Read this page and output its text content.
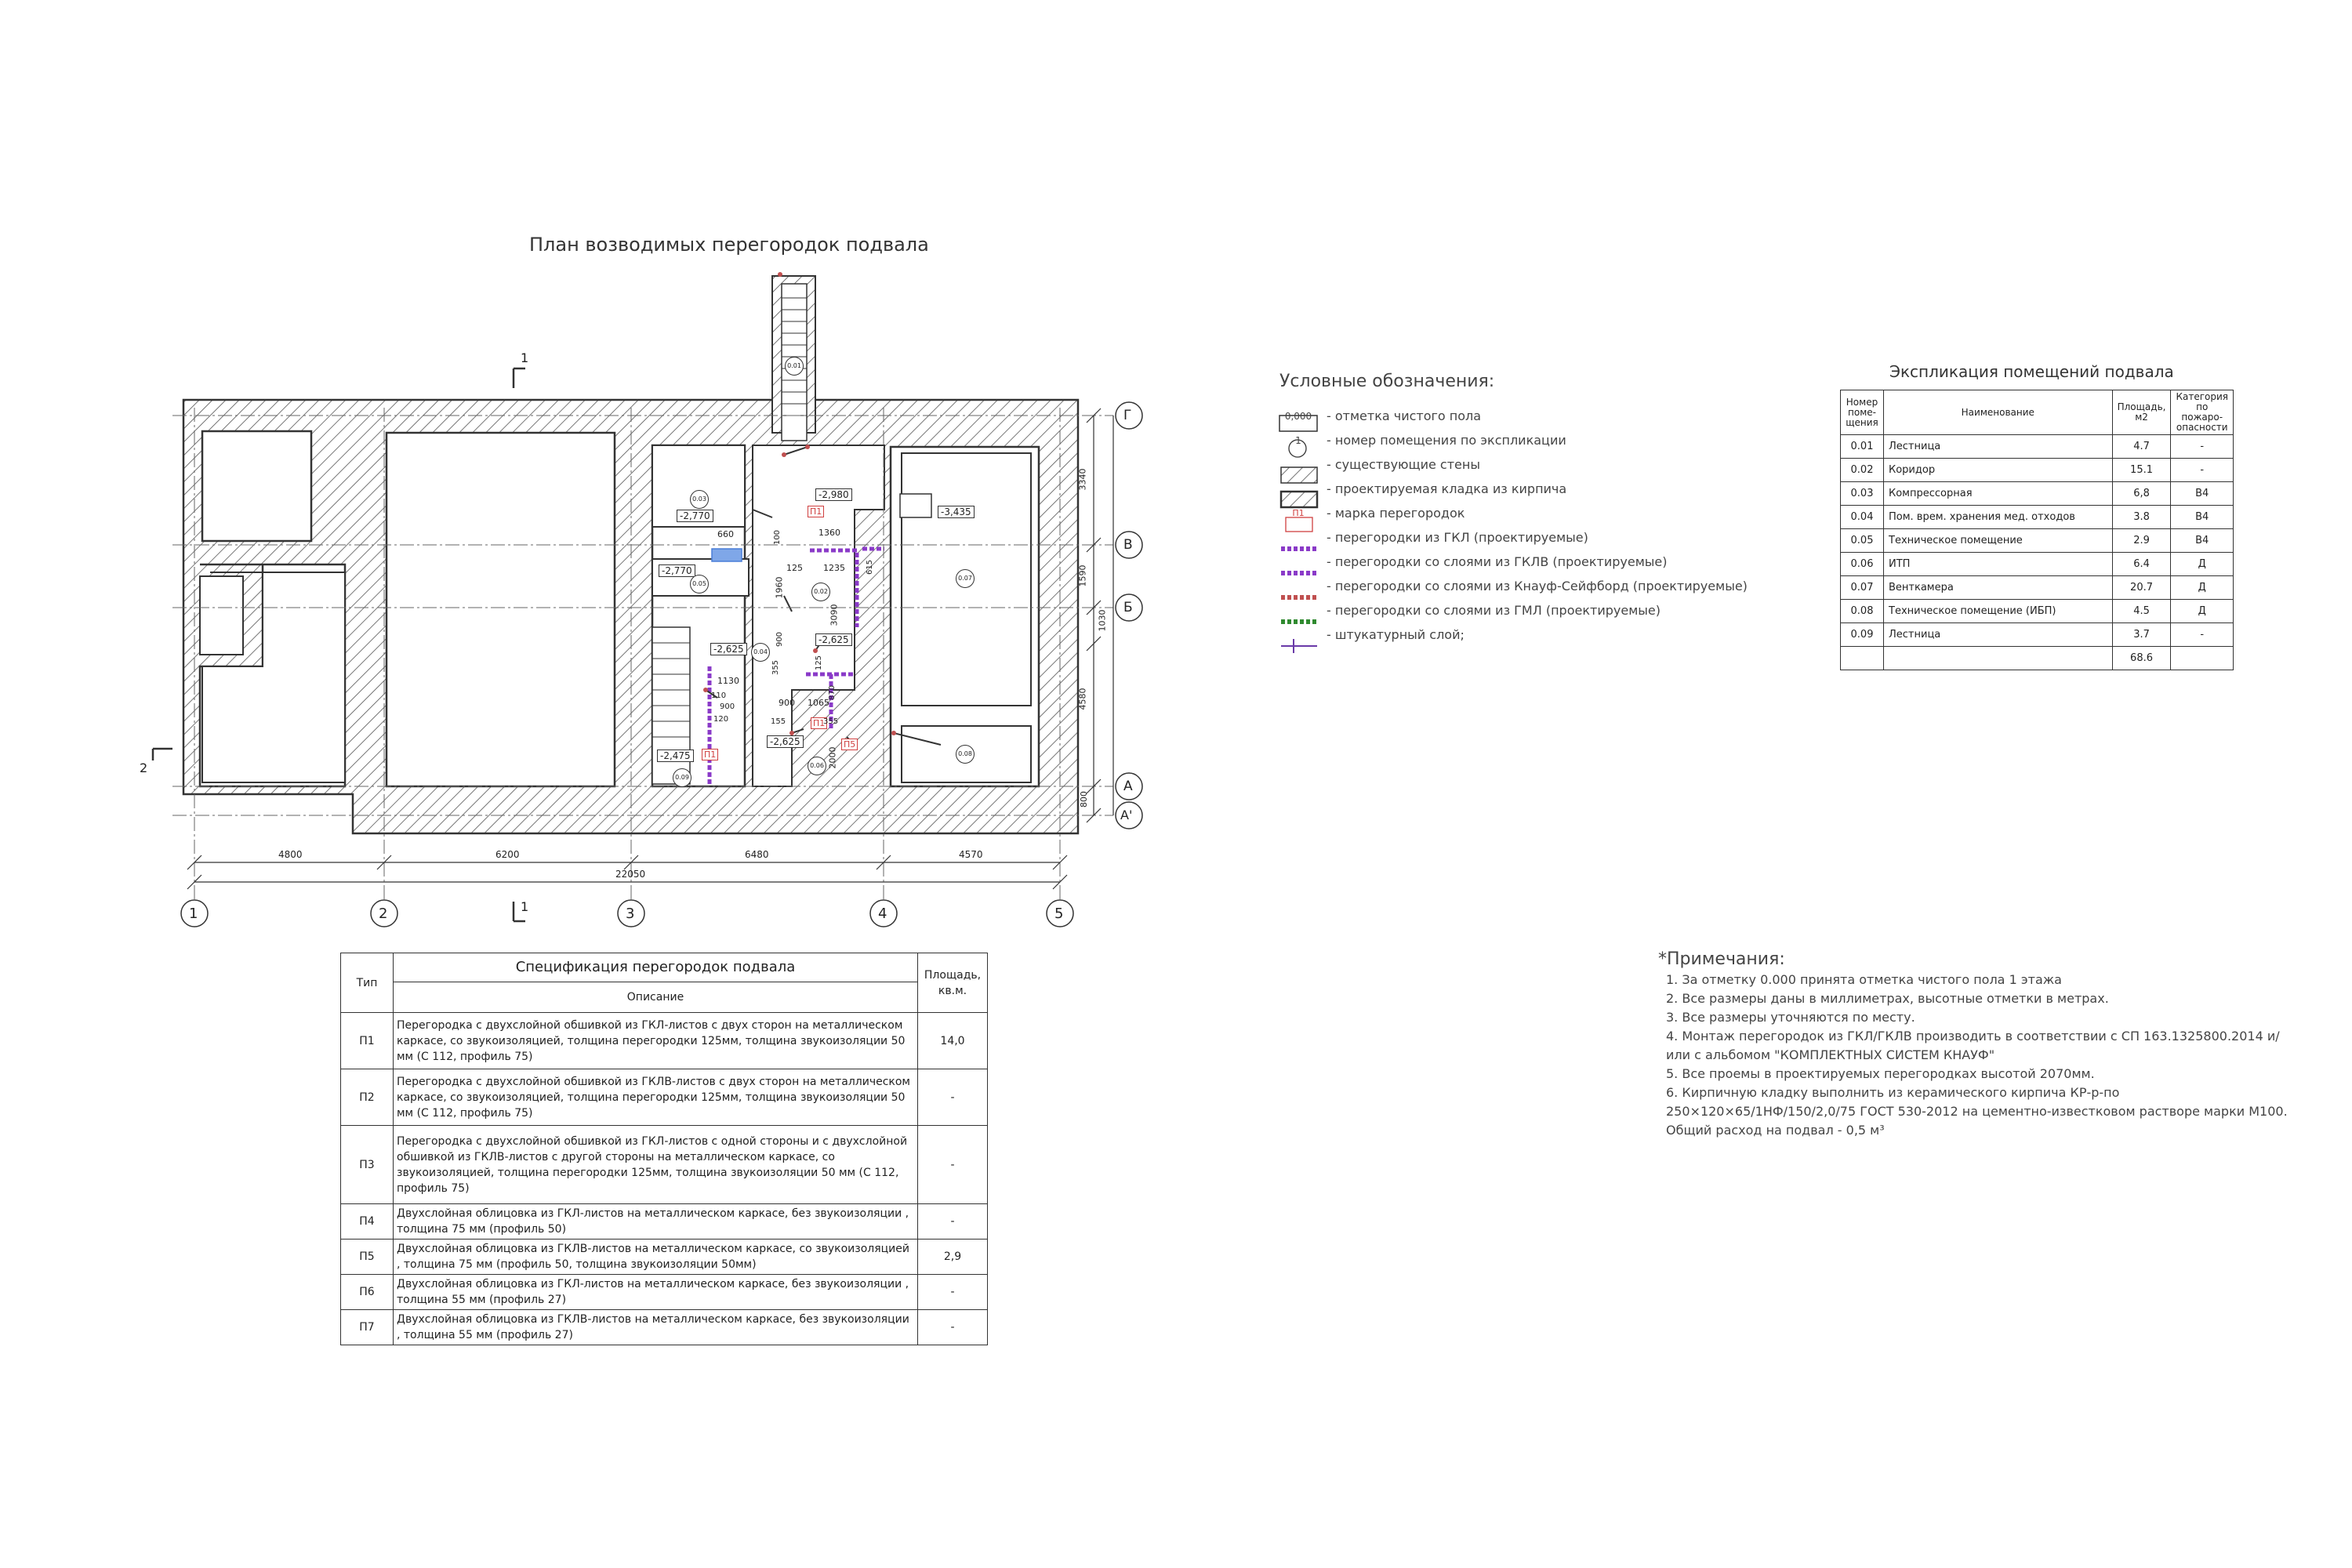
План возводимых перегородок подвала
1	2	3	4	5
Г
В
Б
А
А'
4800	6200	6480	4570
22050
3340
1590
1030
4580
800
1
1
2
-2,770
-2,770
-2,980
-3,435
-2,625
-2,625
-2,625
-2,475
0.01
0.02
0.03
0.04
0.05
0.06
0.07
0.08
0.09
П1
П1
П1
П5
660	100	1360
125 1235
1960
900
3090
355	125
1130
110
900
120	155
900 1065
355
870
2000
615
Условные обозначения:
0,000	- отметка чистого пола
1	- номер помещения по экспликации
- существующие стены
- проектируемая кладка из кирпича
П1	- марка перегородок
- перегородки из ГКЛ (проектируемые)
- перегородки со слоями из ГКЛВ (проектируемые)
- перегородки со слоями из Кнауф-Сейфборд (проектируемые)
- перегородки со слоями из ГМЛ (проектируемые)
- штукатурный слой;
Экспликация помещений подвала
Номер поме-щения	Наименование	Площадь, м2	Категория по пожаро-опасности
0.01	Лестница	4.7	-
0.02	Коридор	15.1	-
0.03	Компрессорная	6,8	В4
0.04	Пом. врем. хранения мед. отходов	3.8	В4
0.05	Техническое помещение	2.9	В4
0.06	ИТП	6.4	Д
0.07	Венткамера	20.7	Д
0.08	Техническое помещение (ИБП)	4.5	Д
0.09	Лестница	3.7	-
		68.6	
Тип	Спецификация перегородок подвала	Площадь, кв.м.
	Описание	
П1	Перегородка с двухслойной обшивкой из ГКЛ-листов с двух сторон на металлическом каркасе, со звукоизоляцией, толщина перегородки 125мм, толщина звукоизоляции 50 мм (С 112, профиль 75)	14,0
П2	Перегородка с двухслойной обшивкой из ГКЛВ-листов с двух сторон на металлическом каркасе, со звукоизоляцией, толщина перегородки 125мм, толщина звукоизоляции 50 мм (С 112, профиль 75)	-
П3	Перегородка с двухслойной обшивкой из ГКЛ-листов с одной стороны и с двухслойной обшивкой из ГКЛВ-листов с другой стороны на металлическом каркасе, со звукоизоляцией, толщина перегородки 125мм, толщина звукоизоляции 50 мм (С 112, профиль 75)	-
П4	Двухслойная облицовка из ГКЛ-листов на металлическом каркасе, без звукоизоляции , толщина 75 мм (профиль 50)	-
П5	Двухслойная облицовка из ГКЛВ-листов на металлическом каркасе, со звукоизоляцией , толщина 75 мм (профиль 50, толщина звукоизоляции 50мм)	2,9
П6	Двухслойная облицовка из ГКЛ-листов на металлическом каркасе, без звукоизоляции , толщина 55 мм (профиль 27)	-
П7	Двухслойная облицовка из ГКЛВ-листов на металлическом каркасе, без звукоизоляции , толщина 55 мм (профиль 27)	-
*Примечания:
1. За отметку 0.000 принята отметка чистого пола 1 этажа
2. Все размеры даны в миллиметрах, высотные отметки в метрах.
3. Все размеры уточняются по месту.
4. Монтаж перегородок из ГКЛ/ГКЛВ производить в соответствии с СП 163.1325800.2014 и/или с альбомом "КОМПЛЕКТНЫХ СИСТЕМ КНАУФ"
5. Все проемы в проектируемых перегородках высотой 2070мм.
6. Кирпичную кладку выполнить из керамического кирпича КР-р-по 250×120×65/1НФ/150/2,0/75 ГОСТ 530-2012 на цементно-известковом растворе марки М100. Общий расход на подвал - 0,5 м³
